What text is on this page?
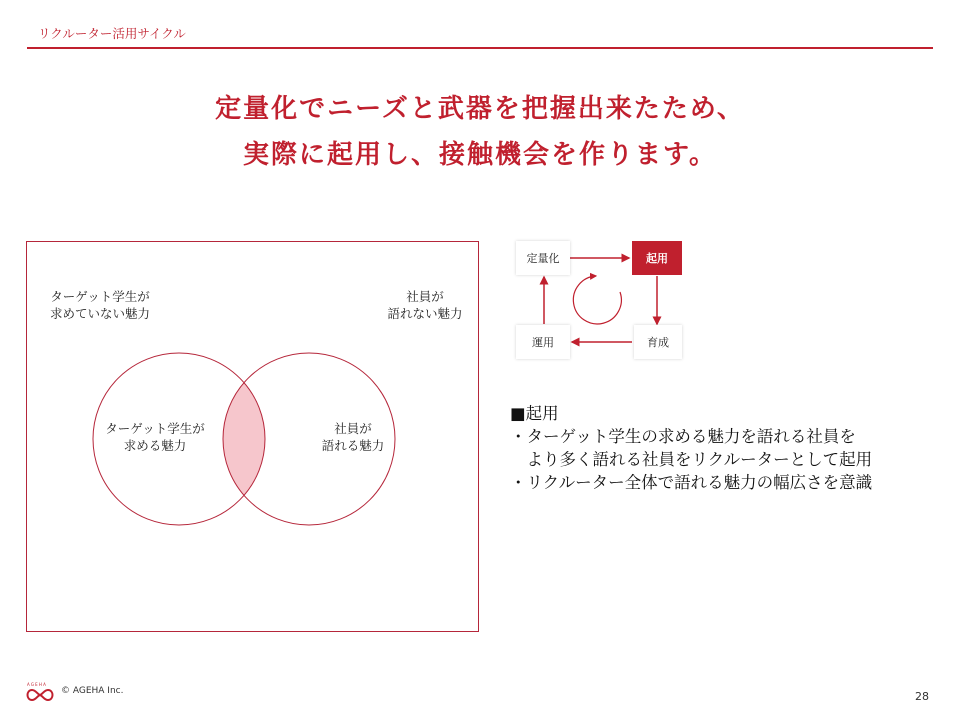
リクルーター活用サイクル
定量化でニーズと武器を把握出来たため、
実際に起用し、接触機会を作ります。
ターゲット学生が
求めていない魅力
社員が
語れない魅力
ターゲット学生が
求める魅力
社員が
語れる魅力
定量化	起用
育成
運用
■起用
・ターゲット学生の求める魅力を語れる社員を
　より多く語れる社員をリクルーターとして起用
・リクルーター全体で語れる魅力の幅広さを意識
AGEHA
© AGEHA Inc.	28
